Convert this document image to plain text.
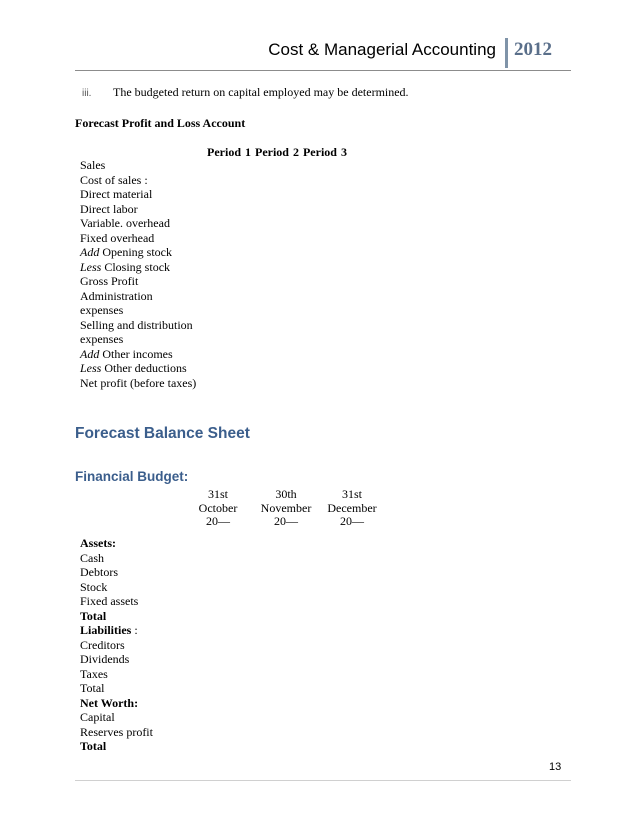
Cost & Managerial Accounting 2012
iii. The budgeted return on capital employed may be determined.
Forecast Profit and Loss Account
Period 1 Period 2 Period 3
Sales
Cost of sales :
Direct material
Direct labor
Variable. overhead
Fixed overhead
Add Opening stock
Less Closing stock
Gross Profit
Administration
expenses
Selling and distribution
expenses
Add Other incomes
Less Other deductions
Net profit (before taxes)
Forecast Balance Sheet
Financial Budget:
31st
October
20—
30th
November
20—
31st
December
20—
Assets:
Cash
Debtors
Stock
Fixed assets
Total
Liabilities :
Creditors
Dividends
Taxes
Total
Net Worth:
Capital
Reserves profit
Total
13
